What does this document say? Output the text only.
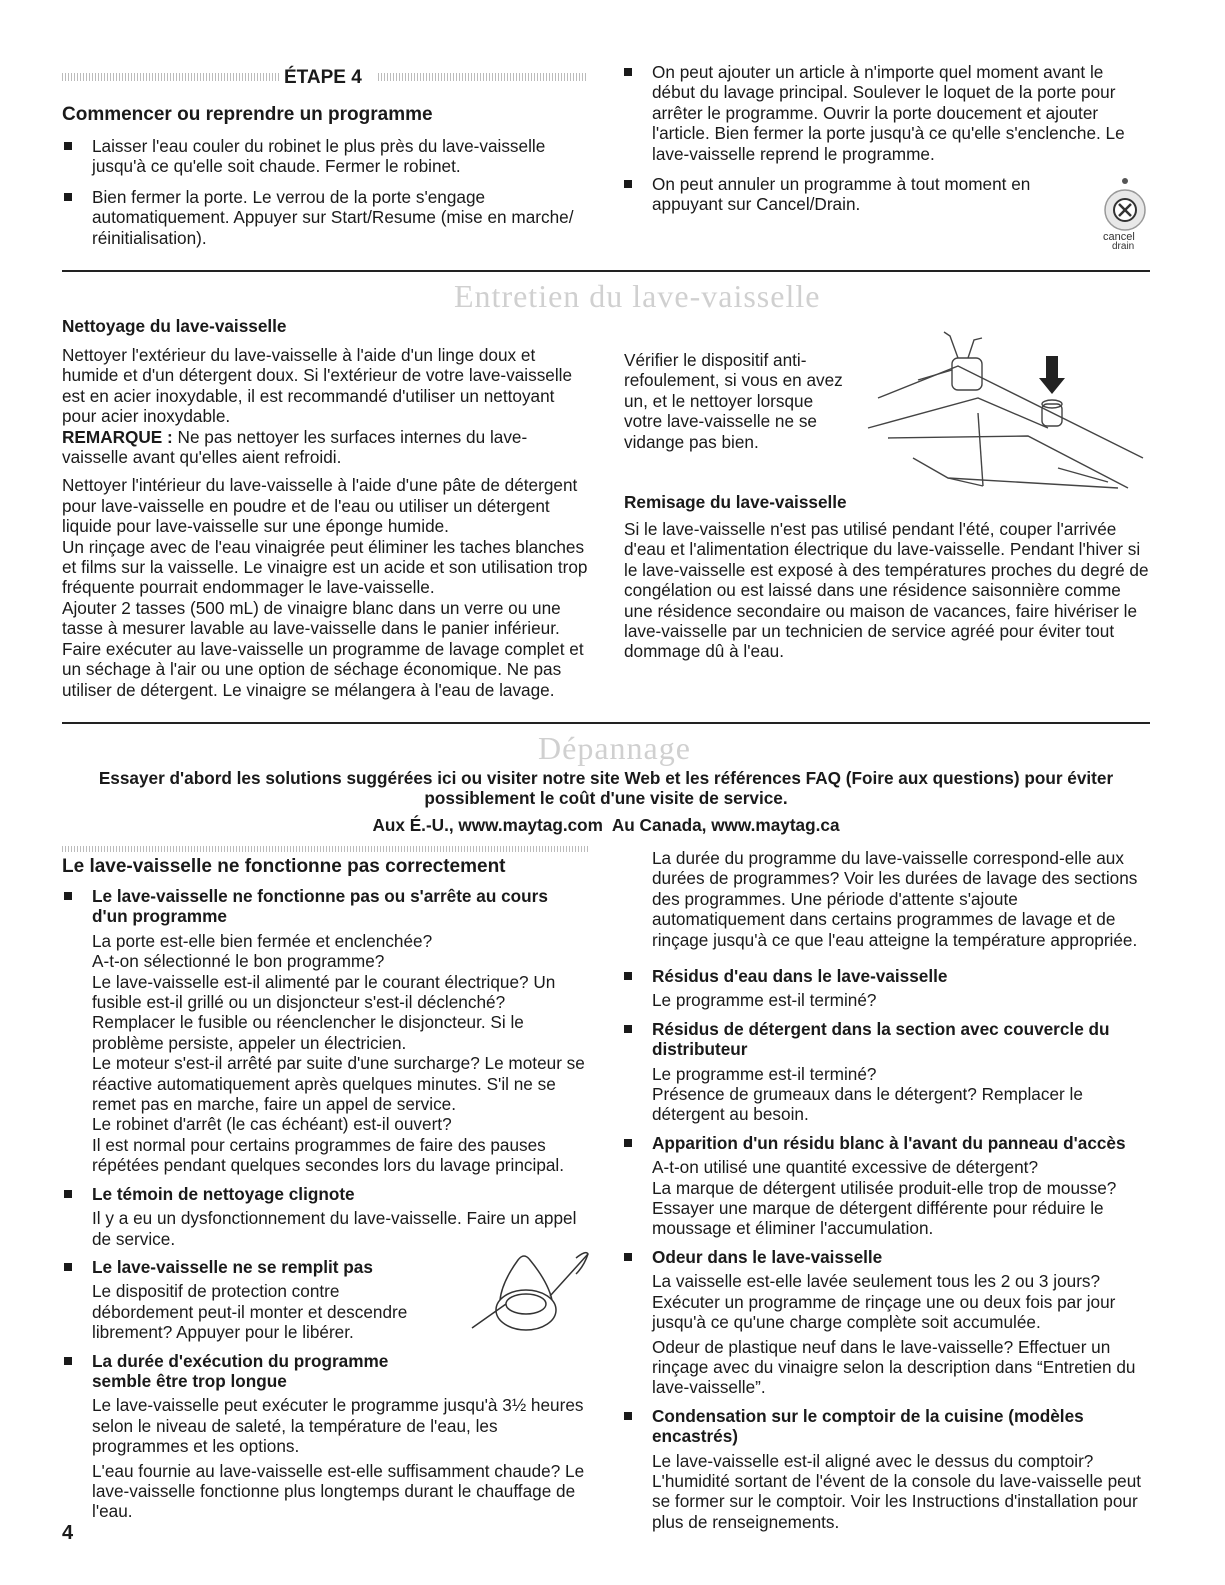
ÉTAPE 4
Commencer ou reprendre un programme
Laisser l'eau couler du robinet le plus près du lave-vaisselle jusqu'à ce qu'elle soit chaude. Fermer le robinet.
Bien fermer la porte. Le verrou de la porte s'engage automatiquement. Appuyer sur Start/Resume (mise en marche/ réinitialisation).
On peut ajouter un article à n'importe quel moment avant le début du lavage principal. Soulever le loquet de la porte pour arrêter le programme. Ouvrir la porte doucement et ajouter l'article. Bien fermer la porte jusqu'à ce qu'elle s'enclenche. Le lave-vaisselle reprend le programme.
On peut annuler un programme à tout moment en appuyant sur Cancel/Drain.
cancel
drain
Entretien du lave-vaisselle
Nettoyage du lave-vaisselle

Nettoyer l'extérieur du lave-vaisselle à l'aide d'un linge doux et humide et d'un détergent doux. Si l'extérieur de votre lave-vaisselle est en acier inoxydable, il est recommandé d'utiliser un nettoyant pour acier inoxydable.

REMARQUE : Ne pas nettoyer les surfaces internes du lave-vaisselle avant qu'elles aient refroidi.

Nettoyer l'intérieur du lave-vaisselle à l'aide d'une pâte de détergent pour lave-vaisselle en poudre et de l'eau ou utiliser un détergent liquide pour lave-vaisselle sur une éponge humide.

Un rinçage avec de l'eau vinaigrée peut éliminer les taches blanches et films sur la vaisselle. Le vinaigre est un acide et son utilisation trop fréquente pourrait endommager le lave-vaisselle.

Ajouter 2 tasses (500 mL) de vinaigre blanc dans un verre ou une tasse à mesurer lavable au lave-vaisselle dans le panier inférieur. Faire exécuter au lave-vaisselle un programme de lavage complet et un séchage à l'air ou une option de séchage économique. Ne pas utiliser de détergent. Le vinaigre se mélangera à l'eau de lavage.

Vérifier le dispositif anti-refoulement, si vous en avez un, et le nettoyer lorsque votre lave-vaisselle ne se vidange pas bien.
Remisage du lave-vaisselle
Si le lave-vaisselle n'est pas utilisé pendant l'été, couper l'arrivée d'eau et l'alimentation électrique du lave-vaisselle. Pendant l'hiver si le lave-vaisselle est exposé à des températures proches du degré de congélation ou est laissé dans une résidence saisonnière comme une résidence secondaire ou maison de vacances, faire hivériser le lave-vaisselle par un technicien de service agréé pour éviter tout dommage dû à l'eau.
Dépannage

Essayer d'abord les solutions suggérées ici ou visiter notre site Web et les références FAQ (Foire aux questions) pour éviter

possiblement le coût d'une visite de service.

Aux É.-U., www.maytag.com  Au Canada, www.maytag.ca

Le lave-vaisselle ne fonctionne pas correctement
Le lave-vaisselle ne fonctionne pas ou s'arrête au cours d'un programme

La porte est-elle bien fermée et enclenchée?

A-t-on sélectionné le bon programme?

Le lave-vaisselle est-il alimenté par le courant électrique? Un fusible est-il grillé ou un disjoncteur s'est-il déclenché? Remplacer le fusible ou réenclencher le disjoncteur. Si le problème persiste, appeler un électricien.

Le moteur s'est-il arrêté par suite d'une surcharge? Le moteur se réactive automatiquement après quelques minutes. S'il ne se remet pas en marche, faire un appel de service.

Le robinet d'arrêt (le cas échéant) est-il ouvert?

Il est normal pour certains programmes de faire des pauses répétées pendant quelques secondes lors du lavage principal.

Le témoin de nettoyage clignote

Il y a eu un dysfonctionnement du lave-vaisselle. Faire un appel de service.

Le lave-vaisselle ne se remplit pas

Le dispositif de protection contre débordement peut-il monter et descendre librement? Appuyer pour le libérer.

La durée d'exécution du programme semble être trop longue

Le lave-vaisselle peut exécuter le programme jusqu'à 3½ heures selon le niveau de saleté, la température de l'eau, les programmes et les options.

L'eau fournie au lave-vaisselle est-elle suffisamment chaude? Le lave-vaisselle fonctionne plus longtemps durant le chauffage de l'eau.

La durée du programme du lave-vaisselle correspond-elle aux durées de programmes? Voir les durées de lavage des sections des programmes. Une période d'attente s'ajoute automatiquement dans certains programmes de lavage et de rinçage jusqu'à ce que l'eau atteigne la température appropriée.
Résidus d'eau dans le lave-vaisselle

Le programme est-il terminé?

Résidus de détergent dans la section avec couvercle du distributeur

Le programme est-il terminé?

Présence de grumeaux dans le détergent? Remplacer le détergent au besoin.

Apparition d'un résidu blanc à l'avant du panneau d'accès

A-t-on utilisé une quantité excessive de détergent?

La marque de détergent utilisée produit-elle trop de mousse? Essayer une marque de détergent différente pour réduire le moussage et éliminer l'accumulation.

Odeur dans le lave-vaisselle

La vaisselle est-elle lavée seulement tous les 2 ou 3 jours? Exécuter un programme de rinçage une ou deux fois par jour jusqu'à ce qu'une charge complète soit accumulée.

Odeur de plastique neuf dans le lave-vaisselle? Effectuer un rinçage avec du vinaigre selon la description dans “Entretien du lave-vaisselle”.

Condensation sur le comptoir de la cuisine (modèles encastrés)

Le lave-vaisselle est-il aligné avec le dessus du comptoir? L'humidité sortant de l'évent de la console du lave-vaisselle peut se former sur le comptoir. Voir les Instructions d'installation pour plus de renseignements.

4
